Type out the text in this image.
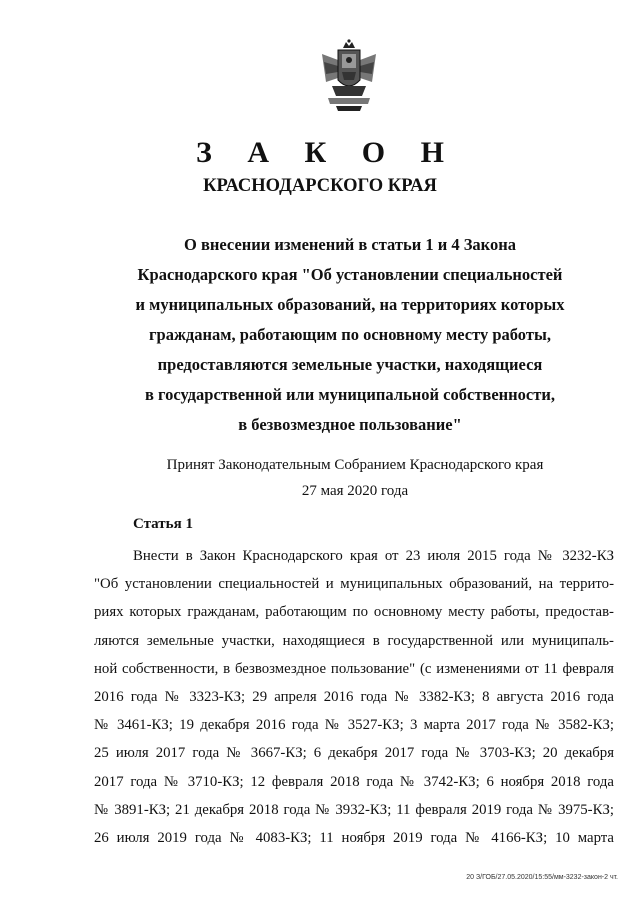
З А К О Н
КРАСНОДАРСКОГО КРАЯ
О внесении изменений в статьи 1 и 4 Закона
Краснодарского края "Об установлении специальностей
и муниципальных образований, на территориях которых
гражданам, работающим по основному месту работы,
предоставляются земельные участки, находящиеся
в государственной или муниципальной собственности,
в безвозмездное пользование"
Принят Законодательным Собранием Краснодарского края
27 мая 2020 года
Статья 1
Внести в Закон Краснодарского края от 23 июля 2015 года № 3232-КЗ
"Об установлении специальностей и муниципальных образований, на террито-
риях которых гражданам, работающим по основному месту работы, предостав-
ляются земельные участки, находящиеся в государственной или муниципаль-
ной собственности, в безвозмездное пользование" (с изменениями от 11 февраля
2016 года № 3323-КЗ; 29 апреля 2016 года № 3382-КЗ; 8 августа 2016 года
№ 3461-КЗ; 19 декабря 2016 года № 3527-КЗ; 3 марта 2017 года № 3582-КЗ;
25 июля 2017 года № 3667-КЗ; 6 декабря 2017 года № 3703-КЗ; 20 декабря
2017 года № 3710-КЗ; 12 февраля 2018 года № 3742-КЗ; 6 ноября 2018 года
№ 3891-КЗ; 21 декабря 2018 года № 3932-КЗ; 11 февраля 2019 года № 3975-КЗ;
26 июля 2019 года № 4083-КЗ; 11 ноября 2019 года № 4166-КЗ; 10 марта
20 З/ГОБ/27.05.2020/15:55/мм-3232-закон-2 чт.
